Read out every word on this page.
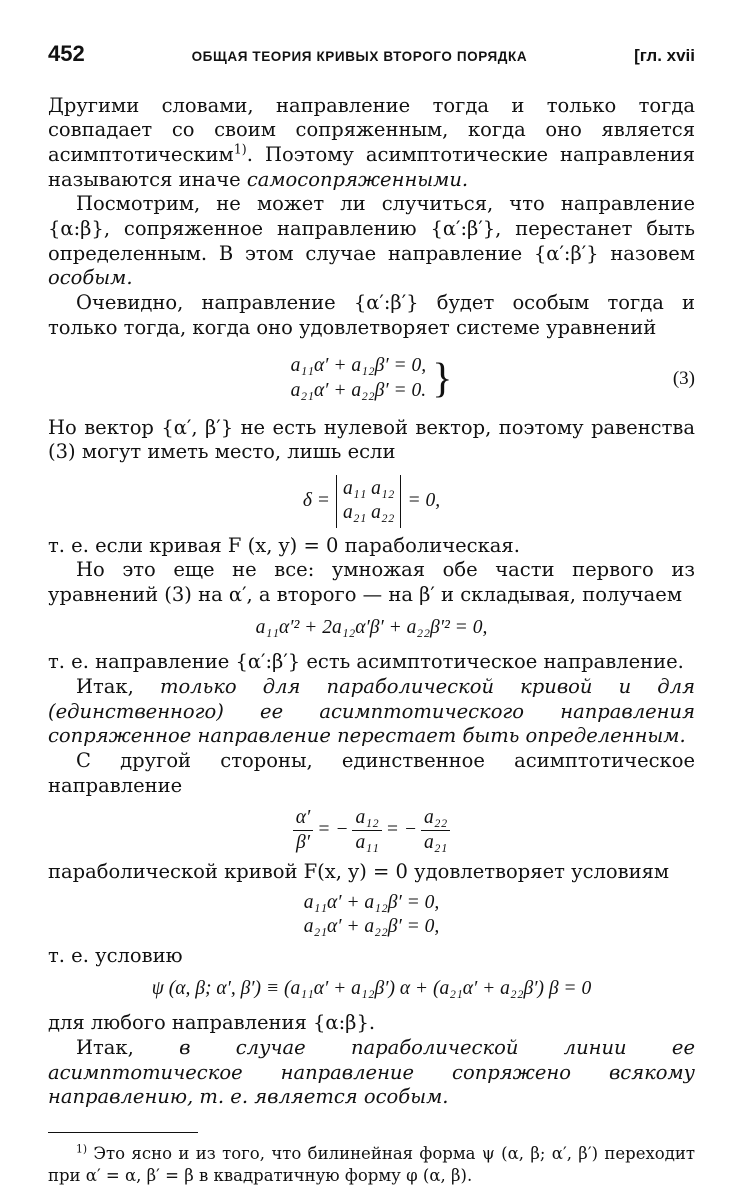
452	ОБЩАЯ ТЕОРИЯ КРИВЫХ ВТОРОГО ПОРЯДКА	[гл. xvii

Другими словами, направление тогда и только тогда совпадает со своим сопряженным, когда оно является асимптотическим$^{1)}$. Поэтому асимптотические направления называются иначе самосопряженными.

Посмотрим, не может ли случиться, что направление {α:β}, сопряженное направлению {α′:β′}, перестанет быть определенным. В этом случае направление {α′:β′} назовем особым.

Очевидно, направление {α′:β′} будет особым тогда и только тогда, когда оно удовлетворяет системе уравнений

a₁₁α′ + a₁₂β′ = 0,
a₂₁α′ + a₂₂β′ = 0. }	(3)

Но вектор {α′, β′} не есть нулевой вектор, поэтому равенства (3) могут иметь место, лишь если

δ =
a₁₁ a₁₂
a₂₁ a₂₂
= 0,

т. е. если кривая F (x, y) = 0 параболическая.

Но это еще не все: умножая обе части первого из уравнений (3) на α′, а второго — на β′ и складывая, получаем

a₁₁α′² + 2a₁₂α′β′ + a₂₂β′² = 0,

т. е. направление {α′:β′} есть асимптотическое направление.

Итак, только для параболической кривой и для (единственного) ее асимптотического направления сопряженное направление перестает быть определенным.

С другой стороны, единственное асимптотическое направление

$\frac{\alpha'}{\beta'}$ = − $\frac{\text{a₁₂}}{\text{a₁₁}}$ = − $\frac{\text{a₂₂}}{\text{a₂₁}}$

параболической кривой F(x, y) = 0 удовлетворяет условиям

a₁₁α′ + a₁₂β′ = 0,
a₂₁α′ + a₂₂β′ = 0,

т. е. условию

ψ (α, β; α′, β′) ≡ (a₁₁α′ + a₁₂β′) α + (a₂₁α′ + a₂₂β′) β = 0

для любого направления {α:β}.

Итак, в случае параболической линии ее асимптотическое направление сопряжено всякому направлению, т. е. является особым.

$^{1)}$ Это ясно и из того, что билинейная форма ψ (α, β; α′, β′) переходит при α′ = α, β′ = β в квадратичную форму φ (α, β).
